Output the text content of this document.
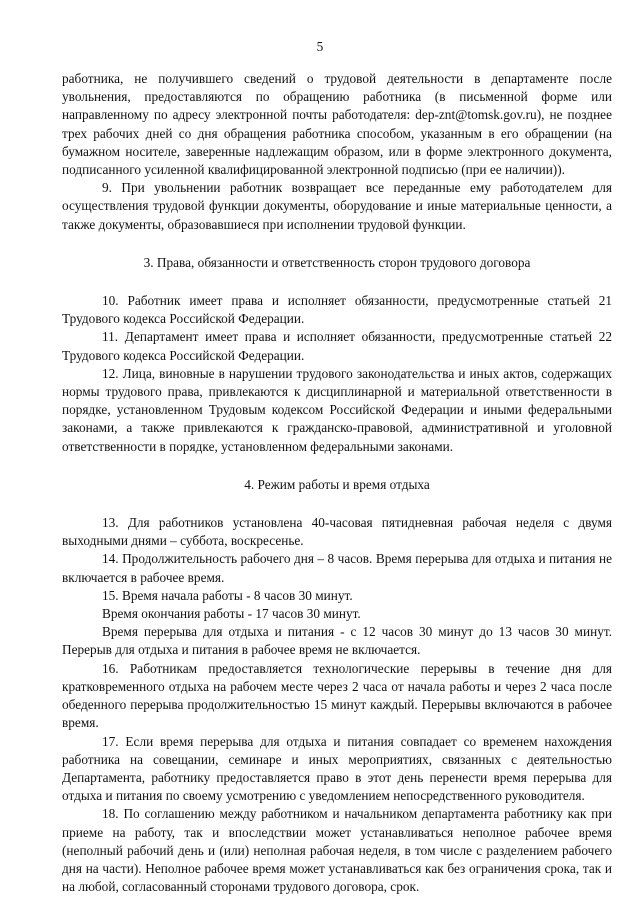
5

работника, не получившего сведений о трудовой деятельности в департаменте после увольнения, предоставляются по обращению работника (в письменной форме или направленному по адресу электронной почты работодателя: dep-znt@tomsk.gov.ru), не позднее трех рабочих дней со дня обращения работника способом, указанным в его обращении (на бумажном носителе, заверенные надлежащим образом, или в форме электронного документа, подписанного усиленной квалифицированной электронной подписью (при ее наличии)).

9. При увольнении работник возвращает все переданные ему работодателем для осуществления трудовой функции документы, оборудование и иные материальные ценности, а также документы, образовавшиеся при исполнении трудовой функции.

3. Права, обязанности и ответственность сторон трудового договора

10. Работник имеет права и исполняет обязанности, предусмотренные статьей 21 Трудового кодекса Российской Федерации.

11. Департамент имеет права и исполняет обязанности, предусмотренные статьей 22 Трудового кодекса Российской Федерации.

12. Лица, виновные в нарушении трудового законодательства и иных актов, содержащих нормы трудового права, привлекаются к дисциплинарной и материальной ответственности в порядке, установленном Трудовым кодексом Российской Федерации и иными федеральными законами, а также привлекаются к гражданско-правовой, административной и уголовной ответственности в порядке, установленном федеральными законами.

4. Режим работы и время отдыха

13. Для работников установлена 40-часовая пятидневная рабочая неделя с двумя выходными днями – суббота, воскресенье.

14. Продолжительность рабочего дня – 8 часов. Время перерыва для отдыха и питания не включается в рабочее время.

15. Время начала работы - 8 часов 30 минут.

Время окончания работы - 17 часов 30 минут.

Время перерыва для отдыха и питания - с 12 часов 30 минут до 13 часов 30 минут. Перерыв для отдыха и питания в рабочее время не включается.

16. Работникам предоставляется технологические перерывы в течение дня для кратковременного отдыха на рабочем месте через 2 часа от начала работы и через 2 часа после обеденного перерыва продолжительностью 15 минут каждый. Перерывы включаются в рабочее время.

17. Если время перерыва для отдыха и питания совпадает со временем нахождения работника на совещании, семинаре и иных мероприятиях, связанных с деятельностью Департамента, работнику предоставляется право в этот день перенести время перерыва для отдыха и питания по своему усмотрению с уведомлением непосредственного руководителя.

18. По соглашению между работником и начальником департамента работнику как при приеме на работу, так и впоследствии может устанавливаться неполное рабочее время (неполный рабочий день и (или) неполная рабочая неделя, в том числе с разделением рабочего дня на части). Неполное рабочее время может устанавливаться как без ограничения срока, так и на любой, согласованный сторонами трудового договора, срок.
